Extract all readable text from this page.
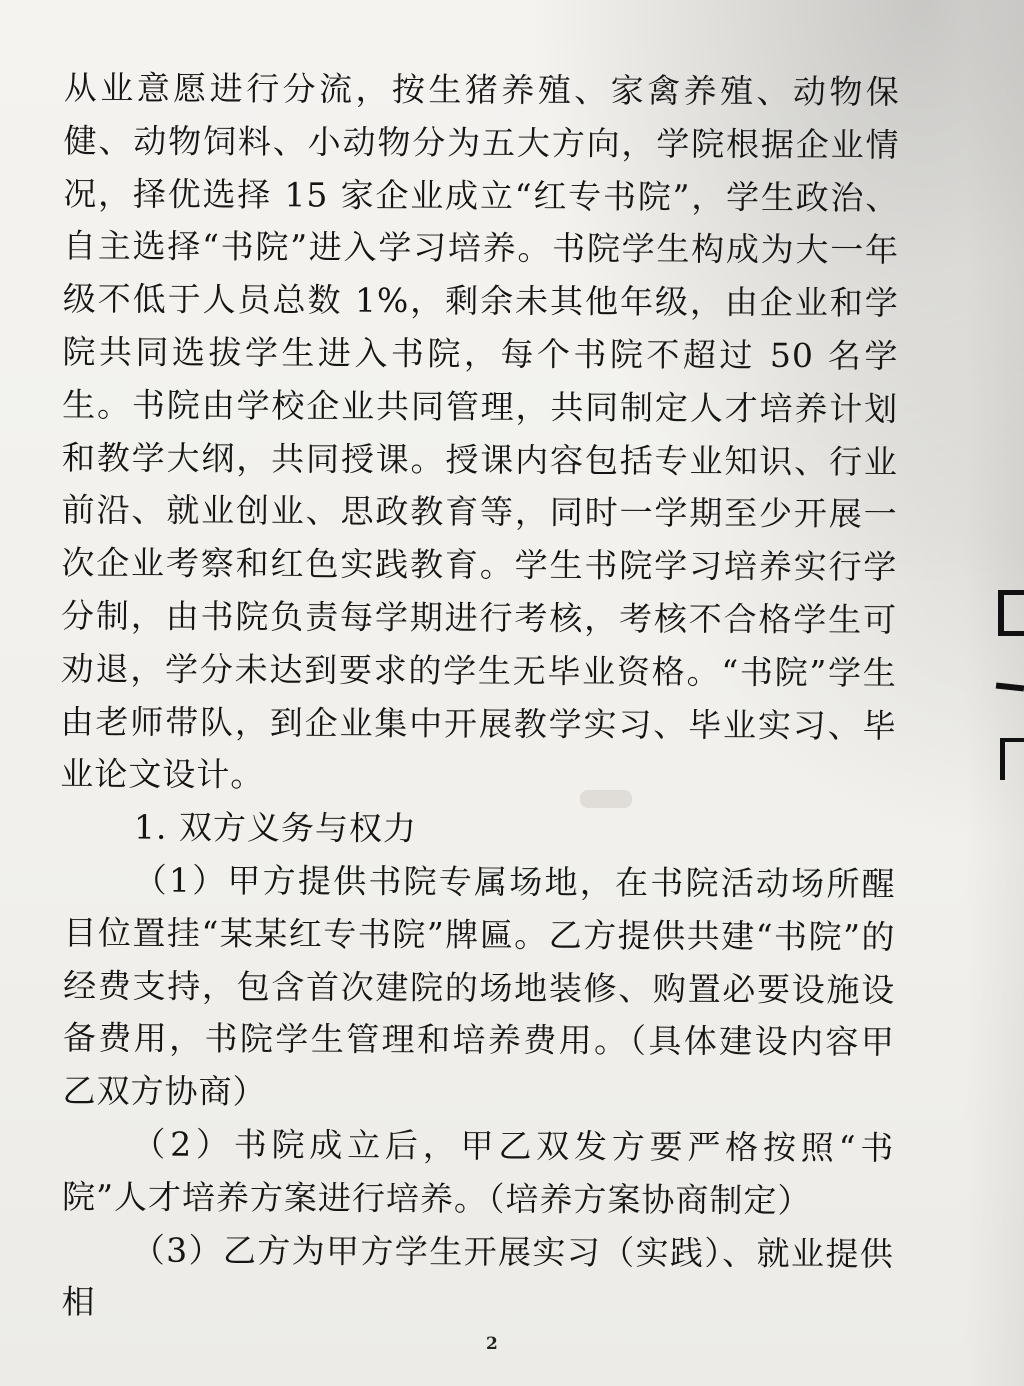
从业意愿进行分流，按生猪养殖、家禽养殖、动物保健、动物饲料、小动物分为五大方向，学院根据企业情况，择优选择 15 家企业成立“红专书院”，学生政治、自主选择“书院”进入学习培养。书院学生构成为大一年级不低于人员总数 1%，剩余未其他年级，由企业和学院共同选拔学生进入书院，每个书院不超过 50 名学生。书院由学校企业共同管理，共同制定人才培养计划和教学大纲，共同授课。授课内容包括专业知识、行业前沿、就业创业、思政教育等，同时一学期至少开展一次企业考察和红色实践教育。学生书院学习培养实行学分制，由书院负责每学期进行考核，考核不合格学生可劝退，学分未达到要求的学生无毕业资格。“书院”学生由老师带队，到企业集中开展教学实习、毕业实习、毕业论文设计。

1. 双方义务与权力

（1）甲方提供书院专属场地，在书院活动场所醒目位置挂“某某红专书院”牌匾。乙方提供共建“书院”的经费支持，包含首次建院的场地装修、购置必要设施设备费用，书院学生管理和培养费用。（具体建设内容甲乙双方协商）

（2）书院成立后，甲乙双发方要严格按照“书院”人才培养方案进行培养。（培养方案协商制定）

（3）乙方为甲方学生开展实习（实践）、就业提供相

2
